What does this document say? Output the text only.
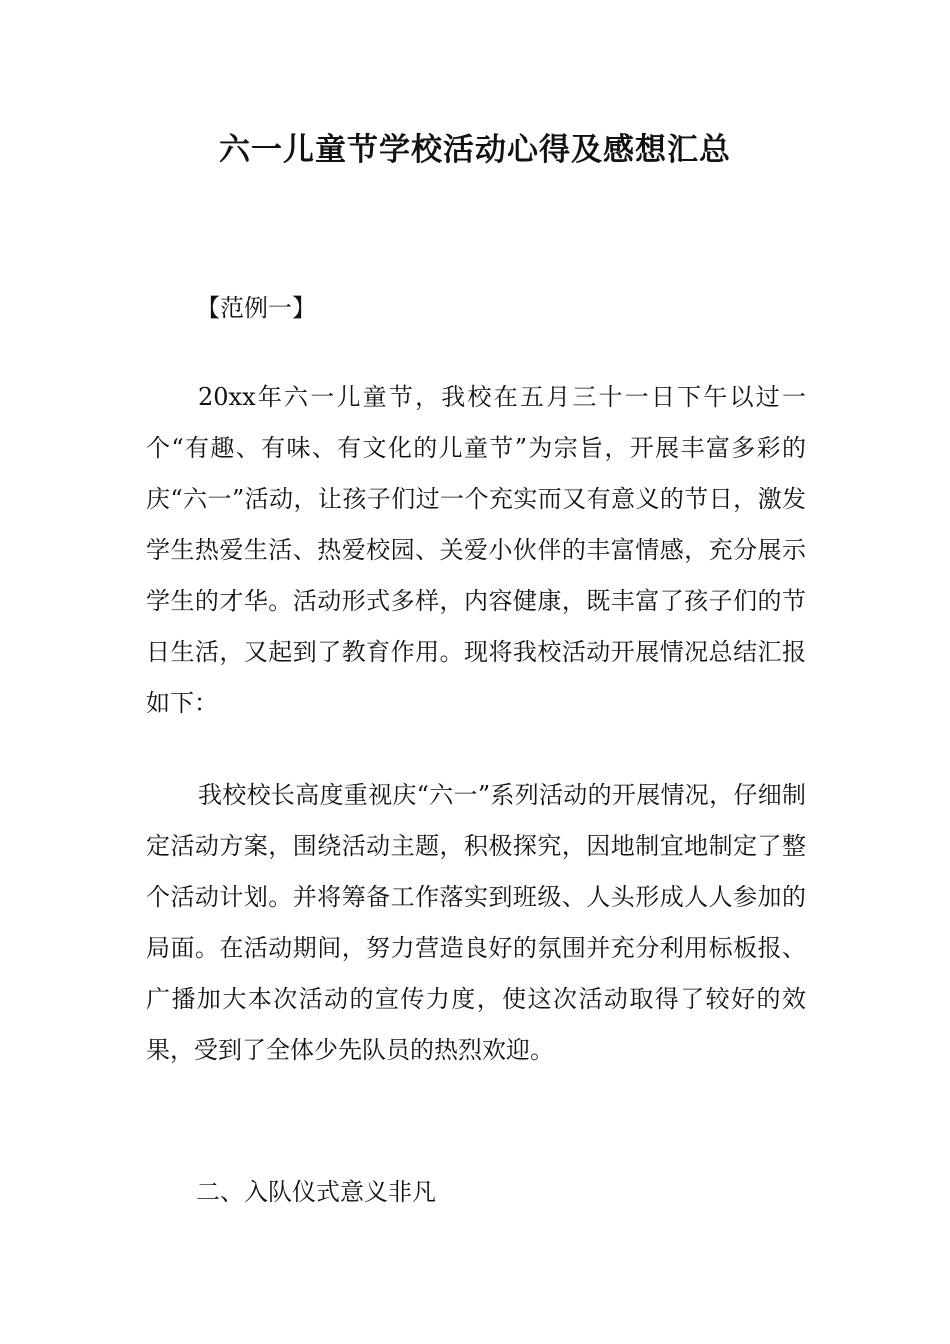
六一儿童节学校活动心得及感想汇总

【范例一】

20xx年六一儿童节，我校在五月三十一日下午以过一个“有趣、有味、有文化的儿童节”为宗旨，开展丰富多彩的庆“六一”活动，让孩子们过一个充实而又有意义的节日，激发学生热爱生活、热爱校园、关爱小伙伴的丰富情感，充分展示学生的才华。活动形式多样，内容健康，既丰富了孩子们的节日生活，又起到了教育作用。现将我校活动开展情况总结汇报如下：

我校校长高度重视庆“六一”系列活动的开展情况，仔细制定活动方案，围绕活动主题，积极探究，因地制宜地制定了整个活动计划。并将筹备工作落实到班级、人头形成人人参加的局面。在活动期间，努力营造良好的氛围并充分利用标板报、广播加大本次活动的宣传力度，使这次活动取得了较好的效果，受到了全体少先队员的热烈欢迎。

二、入队仪式意义非凡
